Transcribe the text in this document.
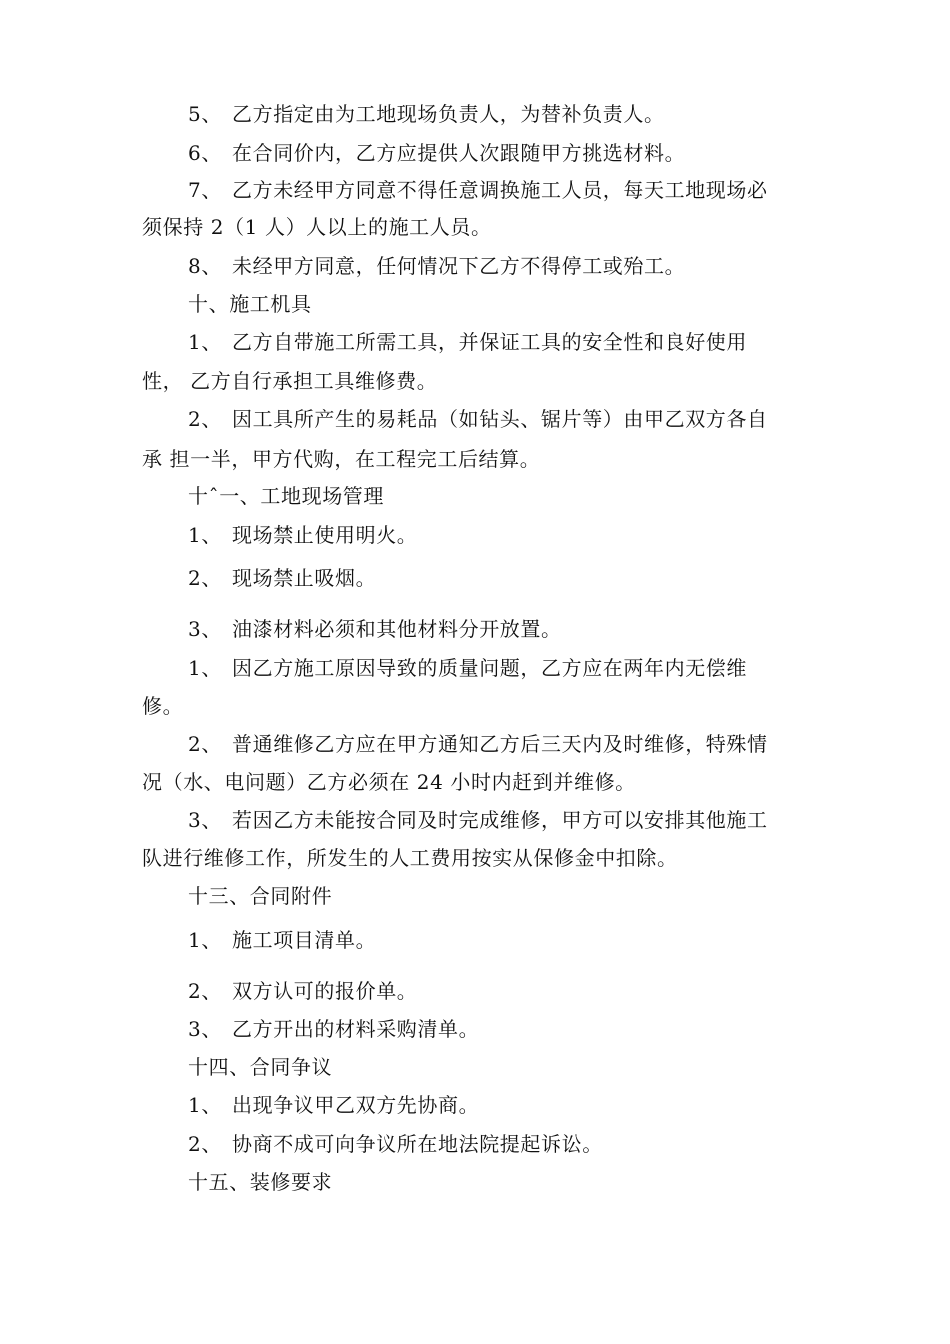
5、 乙方指定由为工地现场负责人，为替补负责人。
6、 在合同价内，乙方应提供人次跟随甲方挑选材料。
7、 乙方未经甲方同意不得任意调换施工人员，每天工地现场必
须保持 2（1 人）人以上的施工人员。
8、 未经甲方同意，任何情况下乙方不得停工或殆工。
十、施工机具
1、 乙方自带施工所需工具，并保证工具的安全性和良好使用
性， 乙方自行承担工具维修费。
2、 因工具所产生的易耗品（如钻头、锯片等）由甲乙双方各自
承 担一半，甲方代购，在工程完工后结算。
十ˆ一、工地现场管理
1、 现场禁止使用明火。
2、 现场禁止吸烟。
3、 油漆材料必须和其他材料分开放置。
1、 因乙方施工原因导致的质量问题，乙方应在两年内无偿维
修。
2、 普通维修乙方应在甲方通知乙方后三天内及时维修，特殊情
况（水、电问题）乙方必须在 24 小时内赶到并维修。
3、 若因乙方未能按合同及时完成维修，甲方可以安排其他施工
队进行维修工作，所发生的人工费用按实从保修金中扣除。
十三、合同附件
1、 施工项目清单。
2、 双方认可的报价单。
3、 乙方开出的材料采购清单。
十四、合同争议
1、 出现争议甲乙双方先协商。
2、 协商不成可向争议所在地法院提起诉讼。
十五、装修要求
